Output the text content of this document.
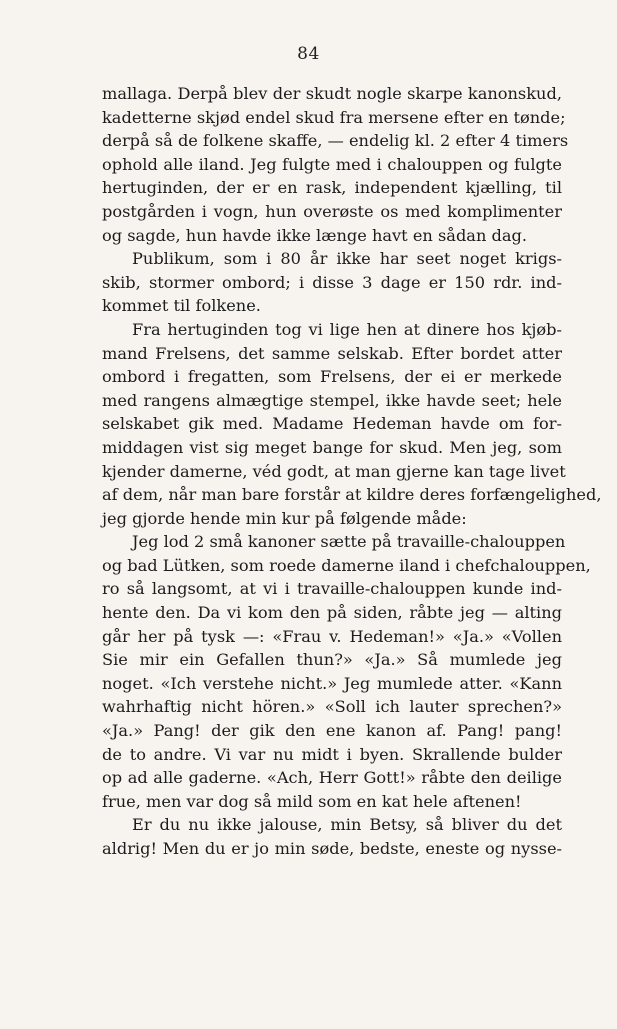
84
mallaga. Derpå blev der skudt nogle skarpe kanonskud,
kadetterne skjød endel skud fra mersene efter en tønde;
derpå så de folkene skaffe, — endelig kl. 2 efter 4 timers
ophold alle iland. Jeg fulgte med i chalouppen og fulgte
hertuginden, der er en rask, independent kjælling, til
postgården i vogn, hun overøste os med komplimenter
og sagde, hun havde ikke længe havt en sådan dag.
Publikum, som i 80 år ikke har seet noget krigs-
skib, stormer ombord; i disse 3 dage er 150 rdr. ind-
kommet til folkene.
Fra hertuginden tog vi lige hen at dinere hos kjøb-
mand Frelsens, det samme selskab. Efter bordet atter
ombord i fregatten, som Frelsens, der ei er merkede
med rangens almægtige stempel, ikke havde seet; hele
selskabet gik med. Madame Hedeman havde om for-
middagen vist sig meget bange for skud. Men jeg, som
kjender damerne, véd godt, at man gjerne kan tage livet
af dem, når man bare forstår at kildre deres forfængelighed,
jeg gjorde hende min kur på følgende måde:
Jeg lod 2 små kanoner sætte på travaille-chalouppen
og bad Lütken, som roede damerne iland i chefchalouppen,
ro så langsomt, at vi i travaille-chalouppen kunde ind-
hente den. Da vi kom den på siden, råbte jeg — alting
går her på tysk —: «Frau v. Hedeman!» «Ja.» «Vollen
Sie mir ein Gefallen thun?» «Ja.» Så mumlede jeg
noget. «Ich verstehe nicht.» Jeg mumlede atter. «Kann
wahrhaftig nicht hören.» «Soll ich lauter sprechen?»
«Ja.» Pang! der gik den ene kanon af. Pang! pang!
de to andre. Vi var nu midt i byen. Skrallende bulder
op ad alle gaderne. «Ach, Herr Gott!» råbte den deilige
frue, men var dog så mild som en kat hele aftenen!
Er du nu ikke jalouse, min Betsy, så bliver du det
aldrig! Men du er jo min søde, bedste, eneste og nysse-
